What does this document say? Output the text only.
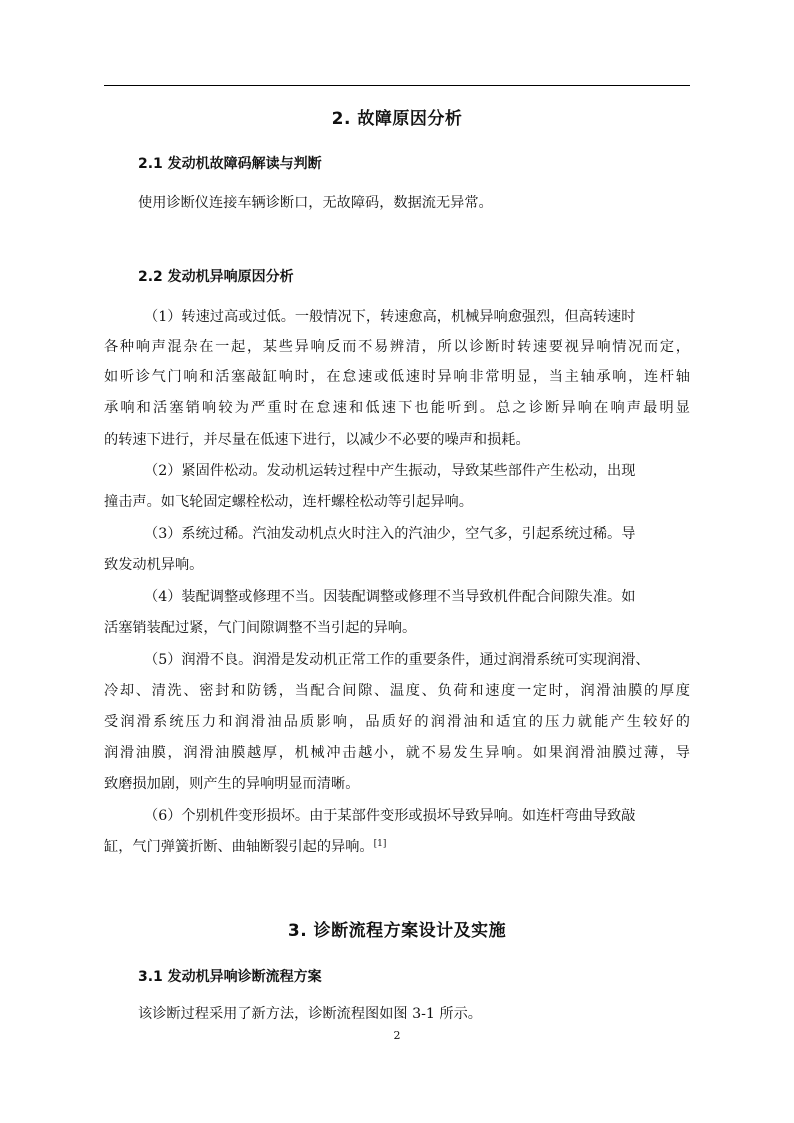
2. 故障原因分析
2.1 发动机故障码解读与判断

使用诊断仪连接车辆诊断口，无故障码，数据流无异常。

2.2 发动机异响原因分析

（1）转速过高或过低。一般情况下，转速愈高，机械异响愈强烈，但高转速时

各种响声混杂在一起，某些异响反而不易辨清，所以诊断时转速要视异响情况而定，

如听诊气门响和活塞敲缸响时，在怠速或低速时异响非常明显，当主轴承响，连杆轴

承响和活塞销响较为严重时在怠速和低速下也能听到。总之诊断异响在响声最明显

的转速下进行，并尽量在低速下进行，以减少不必要的噪声和损耗。

（2）紧固件松动。发动机运转过程中产生振动，导致某些部件产生松动，出现

撞击声。如飞轮固定螺栓松动，连杆螺栓松动等引起异响。

（3）系统过稀。汽油发动机点火时注入的汽油少，空气多，引起系统过稀。导

致发动机异响。

（4）装配调整或修理不当。因装配调整或修理不当导致机件配合间隙失准。如

活塞销装配过紧，气门间隙调整不当引起的异响。

（5）润滑不良。润滑是发动机正常工作的重要条件，通过润滑系统可实现润滑、

冷却、清洗、密封和防锈，当配合间隙、温度、负荷和速度一定时，润滑油膜的厚度

受润滑系统压力和润滑油品质影响，品质好的润滑油和适宜的压力就能产生较好的

润滑油膜，润滑油膜越厚，机械冲击越小，就不易发生异响。如果润滑油膜过薄，导

致磨损加剧，则产生的异响明显而清晰。

（6）个别机件变形损坏。由于某部件变形或损坏导致异响。如连杆弯曲导致敲

缸，气门弹簧折断、曲轴断裂引起的异响。[1]

3. 诊断流程方案设计及实施
3.1 发动机异响诊断流程方案

该诊断过程采用了新方法，诊断流程图如图 3-1 所示。

2
